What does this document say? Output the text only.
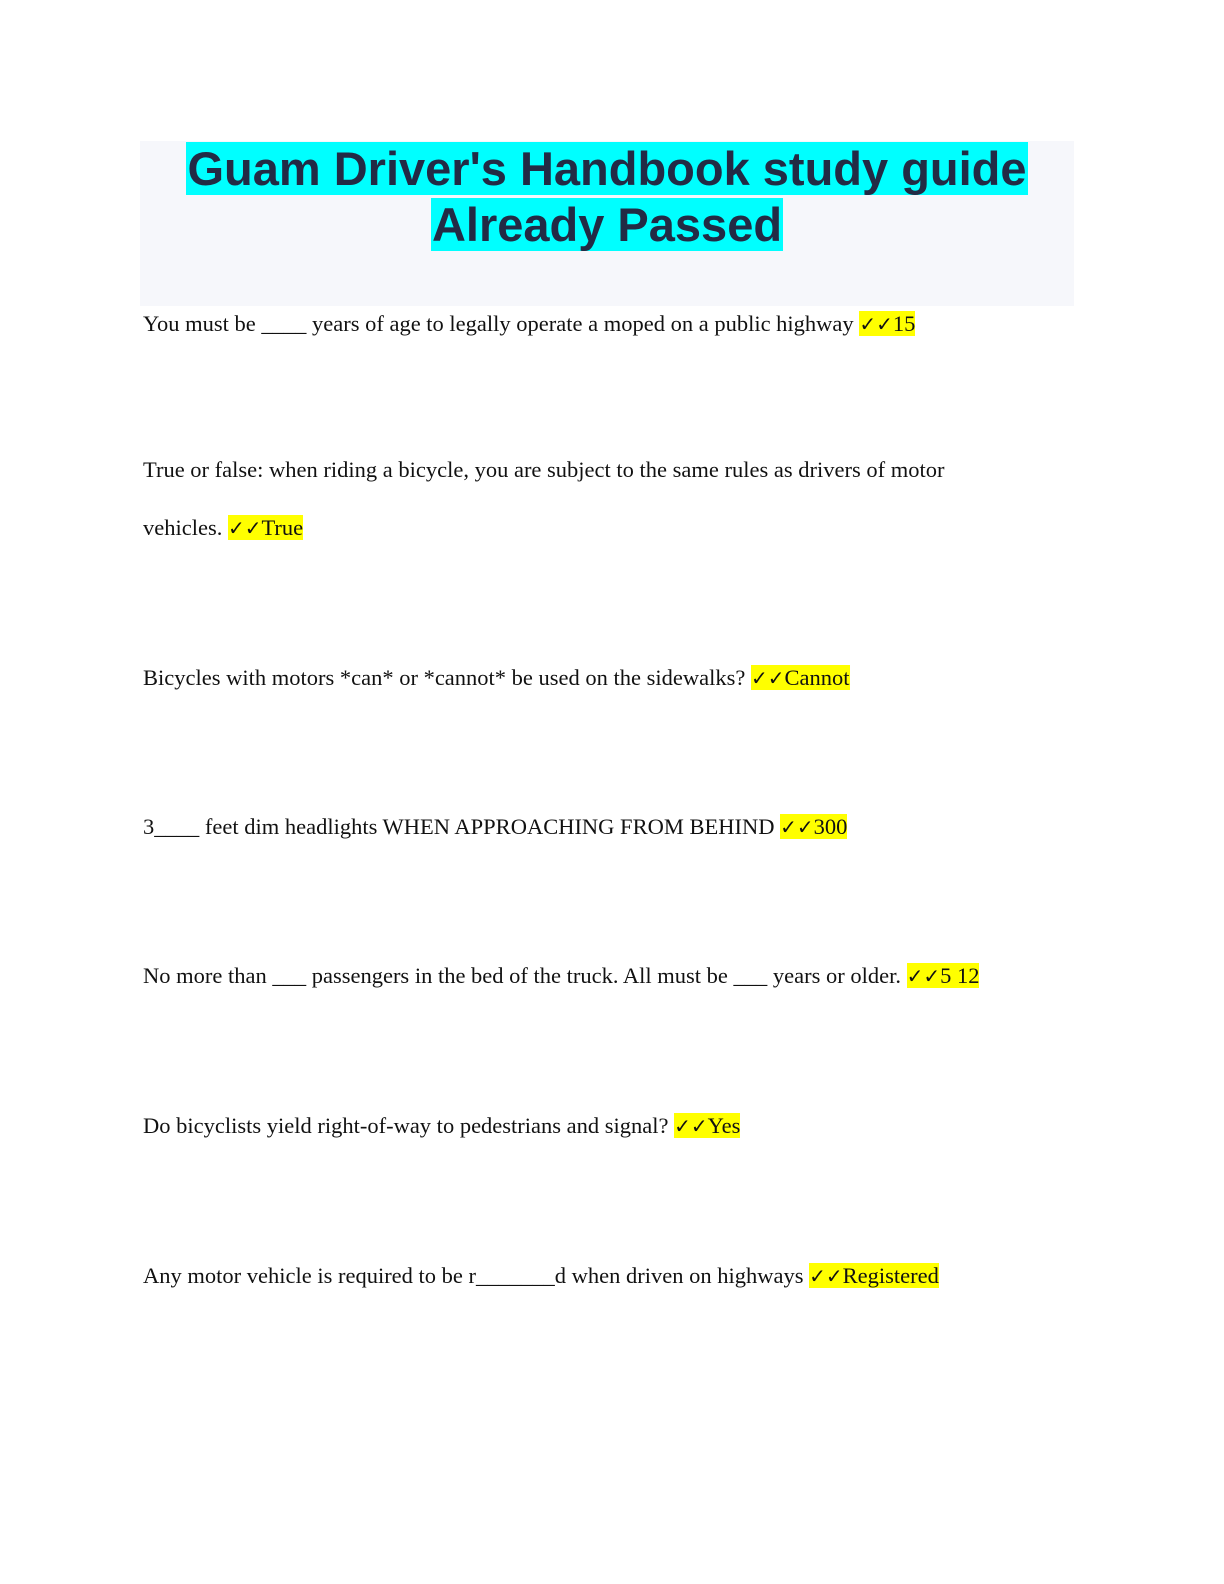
Guam Driver's Handbook study guide
Already Passed
You must be ____ years of age to legally operate a moped on a public highway ✓✓15
True or false: when riding a bicycle, you are subject to the same rules as drivers of motor
vehicles. ✓✓True
Bicycles with motors *can* or *cannot* be used on the sidewalks? ✓✓Cannot
3____ feet dim headlights WHEN APPROACHING FROM BEHIND ✓✓300
No more than ___ passengers in the bed of the truck. All must be ___ years or older. ✓✓5 12
Do bicyclists yield right-of-way to pedestrians and signal? ✓✓Yes
Any motor vehicle is required to be r_______d when driven on highways ✓✓Registered
